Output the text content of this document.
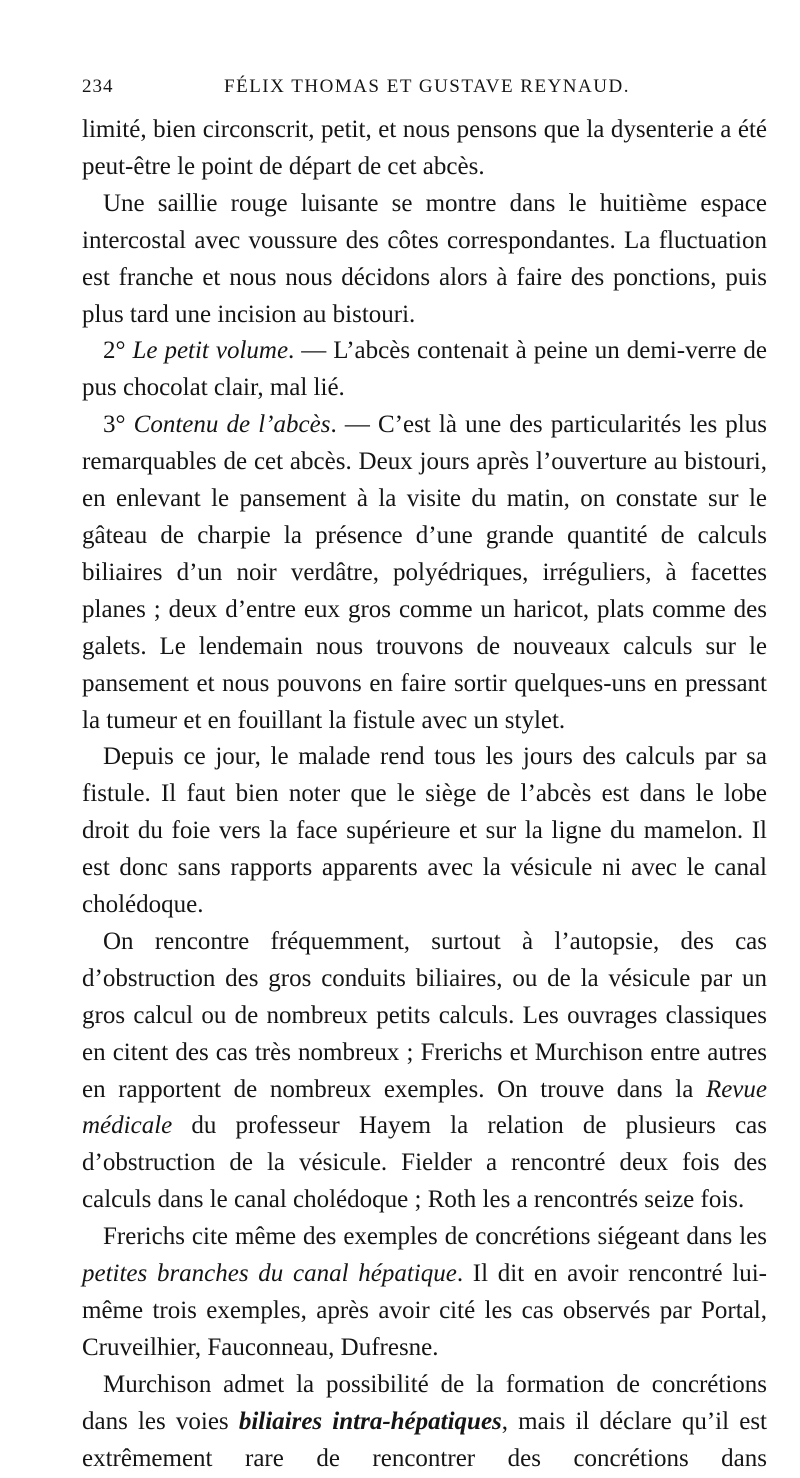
234	FÉLIX THOMAS ET GUSTAVE REYNAUD.

limité, bien circonscrit, petit, et nous pensons que la dysenterie a été peut-être le point de départ de cet abcès.

Une saillie rouge luisante se montre dans le huitième espace intercostal avec voussure des côtes correspondantes. La fluctuation est franche et nous nous décidons alors à faire des ponctions, puis plus tard une incision au bistouri.

2° Le petit volume. — L’abcès contenait à peine un demi-verre de pus chocolat clair, mal lié.

3° Contenu de l’abcès. — C’est là une des particularités les plus remarquables de cet abcès. Deux jours après l’ouverture au bistouri, en enlevant le pansement à la visite du matin, on constate sur le gâteau de charpie la présence d’une grande quantité de calculs biliaires d’un noir verdâtre, polyédriques, irréguliers, à facettes planes ; deux d’entre eux gros comme un haricot, plats comme des galets. Le lendemain nous trouvons de nouveaux calculs sur le pansement et nous pouvons en faire sortir quelques-uns en pressant la tumeur et en fouillant la fistule avec un stylet.

Depuis ce jour, le malade rend tous les jours des calculs par sa fistule. Il faut bien noter que le siège de l’abcès est dans le lobe droit du foie vers la face supérieure et sur la ligne du mamelon. Il est donc sans rapports apparents avec la vésicule ni avec le canal cholédoque.

On rencontre fréquemment, surtout à l’autopsie, des cas d’obstruction des gros conduits biliaires, ou de la vésicule par un gros calcul ou de nombreux petits calculs. Les ouvrages classiques en citent des cas très nombreux ; Frerichs et Murchison entre autres en rapportent de nombreux exemples. On trouve dans la Revue médicale du professeur Hayem la relation de plusieurs cas d’obstruction de la vésicule. Fielder a rencontré deux fois des calculs dans le canal cholédoque ; Roth les a rencontrés seize fois.

Frerichs cite même des exemples de concrétions siégeant dans les petites branches du canal hépatique. Il dit en avoir rencontré lui-même trois exemples, après avoir cité les cas observés par Portal, Cruveilhier, Fauconneau, Dufresne.

Murchison admet la possibilité de la formation de concrétions dans les voies biliaires intra-hépatiques, mais il déclare qu’il est extrêmement rare de rencontrer des concrétions dans
